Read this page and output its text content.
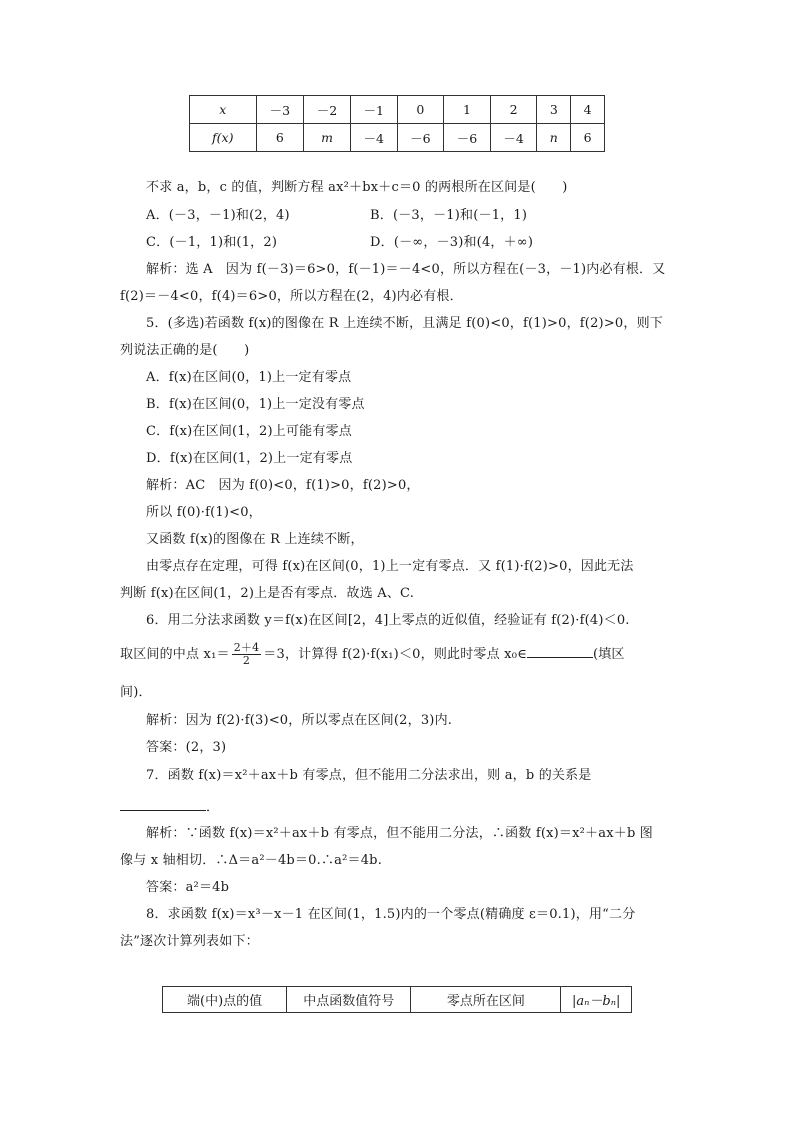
x	－3	－2	－1	0	1	2	3	4
f(x)	6	m	－4	－6	－6	－4	n	6
不求 a，b，c 的值，判断方程 ax²＋bx＋c＝0 的两根所在区间是(　　)
A．(－3，－1)和(2，4)	B．(－3，－1)和(－1，1)
C．(－1，1)和(1，2)	D．(－∞，－3)和(4，＋∞)
解析：选 A　因为 f(－3)＝6>0，f(－1)＝－4<0，所以方程在(－3，－1)内必有根．又
f(2)＝－4<0，f(4)＝6>0，所以方程在(2，4)内必有根．
5．(多选)若函数 f(x)的图像在 R 上连续不断，且满足 f(0)<0，f(1)>0，f(2)>0，则下
列说法正确的是(　　)
A．f(x)在区间(0，1)上一定有零点
B．f(x)在区间(0，1)上一定没有零点
C．f(x)在区间(1，2)上可能有零点
D．f(x)在区间(1，2)上一定有零点
解析：AC　因为 f(0)<0，f(1)>0，f(2)>0，
所以 f(0)·f(1)<0，
又函数 f(x)的图像在 R 上连续不断，
由零点存在定理，可得 f(x)在区间(0，1)上一定有零点．又 f(1)·f(2)>0，因此无法
判断 f(x)在区间(1，2)上是否有零点．故选 A、C.
6．用二分法求函数 y＝f(x)在区间[2，4]上零点的近似值，经验证有 f(2)·f(4)＜0.
取区间的中点 $x_1= \frac{2+4}{2} =3$，计算得 f(2)·f(x₁)＜0，则此时零点 x₀∈	(填区
间)．
解析：因为 f(2)·f(3)<0，所以零点在区间(2，3)内.
答案：(2，3)
7．函数 f(x)＝x²＋ax＋b 有零点，但不能用二分法求出，则 a，b 的关系是
．
解析：∵函数 f(x)＝x²＋ax＋b 有零点，但不能用二分法，∴函数 f(x)＝x²＋ax＋b 图
像与 x 轴相切．∴Δ＝a²－4b＝0.∴a²＝4b.
答案：a²＝4b
8．求函数 f(x)＝x³－x－1 在区间(1，1.5)内的一个零点(精确度 ε＝0.1)，用“二分
法”逐次计算列表如下：
端(中)点的值	中点函数值符号	零点所在区间	|aₙ－bₙ|
